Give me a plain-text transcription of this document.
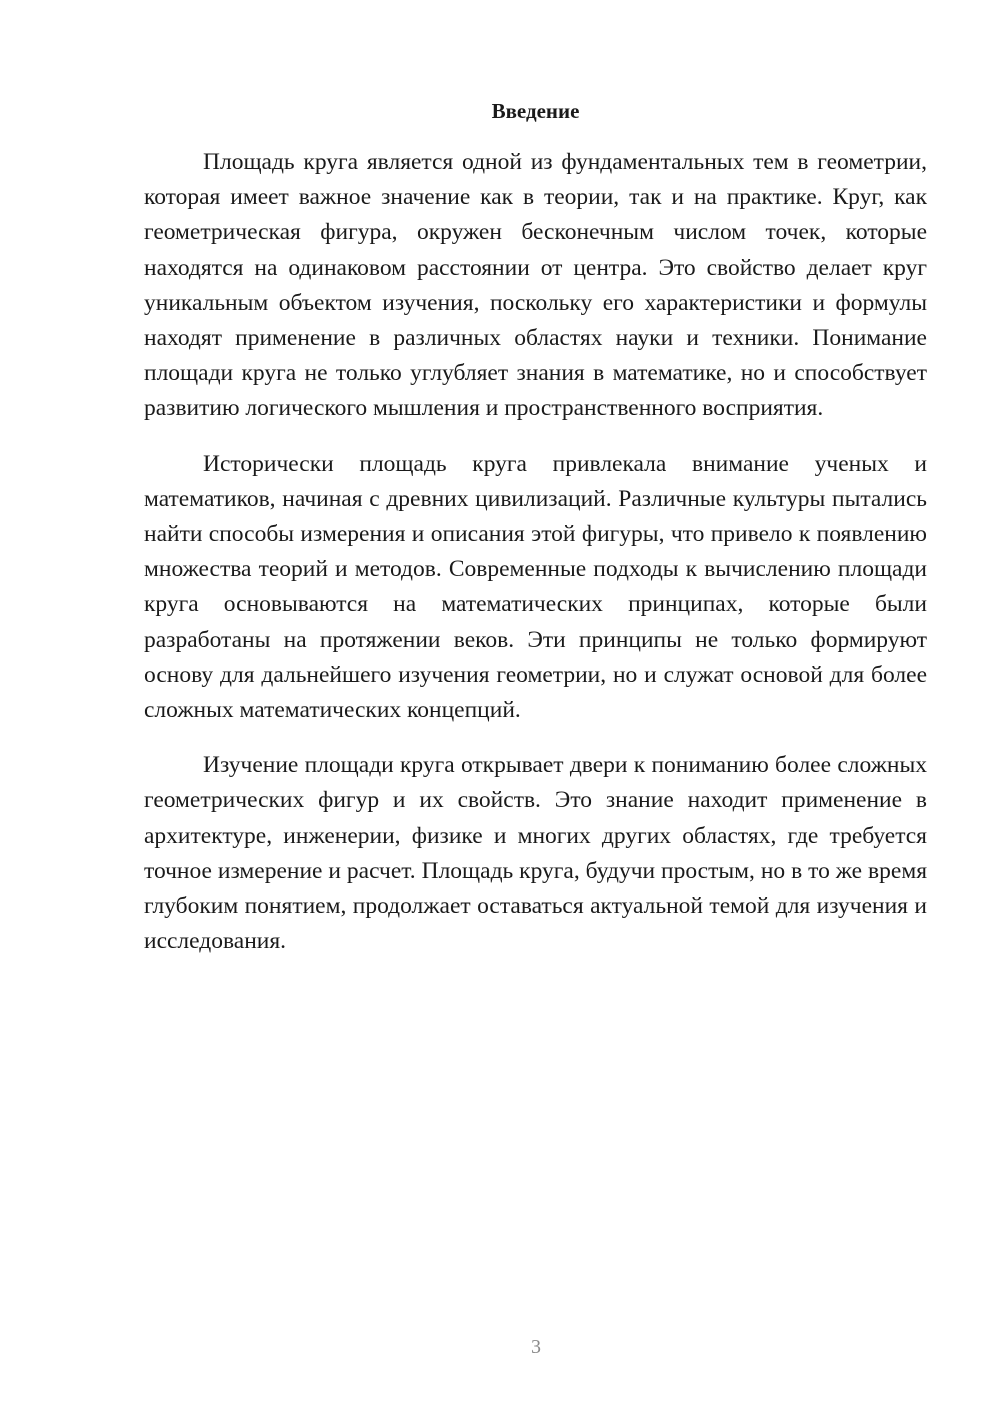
Введение

Площадь круга является одной из фундаментальных тем в геометрии, которая имеет важное значение как в теории, так и на практике. Круг, как геометрическая фигура, окружен бесконечным числом точек, которые находятся на одинаковом расстоянии от центра. Это свойство делает круг уникальным объектом изучения, поскольку его характеристики и формулы находят применение в различных областях науки и техники. Понимание площади круга не только углубляет знания в математике, но и способствует развитию логического мышления и пространственного восприятия.

Исторически площадь круга привлекала внимание ученых и математиков, начиная с древних цивилизаций. Различные культуры пытались найти способы измерения и описания этой фигуры, что привело к появлению множества теорий и методов. Современные подходы к вычислению площади круга основываются на математических принципах, которые были разработаны на протяжении веков. Эти принципы не только формируют основу для дальнейшего изучения геометрии, но и служат основой для более сложных математических концепций.

Изучение площади круга открывает двери к пониманию более сложных геометрических фигур и их свойств. Это знание находит применение в архитектуре, инженерии, физике и многих других областях, где требуется точное измерение и расчет. Площадь круга, будучи простым, но в то же время глубоким понятием, продолжает оставаться актуальной темой для изучения и исследования.

3
